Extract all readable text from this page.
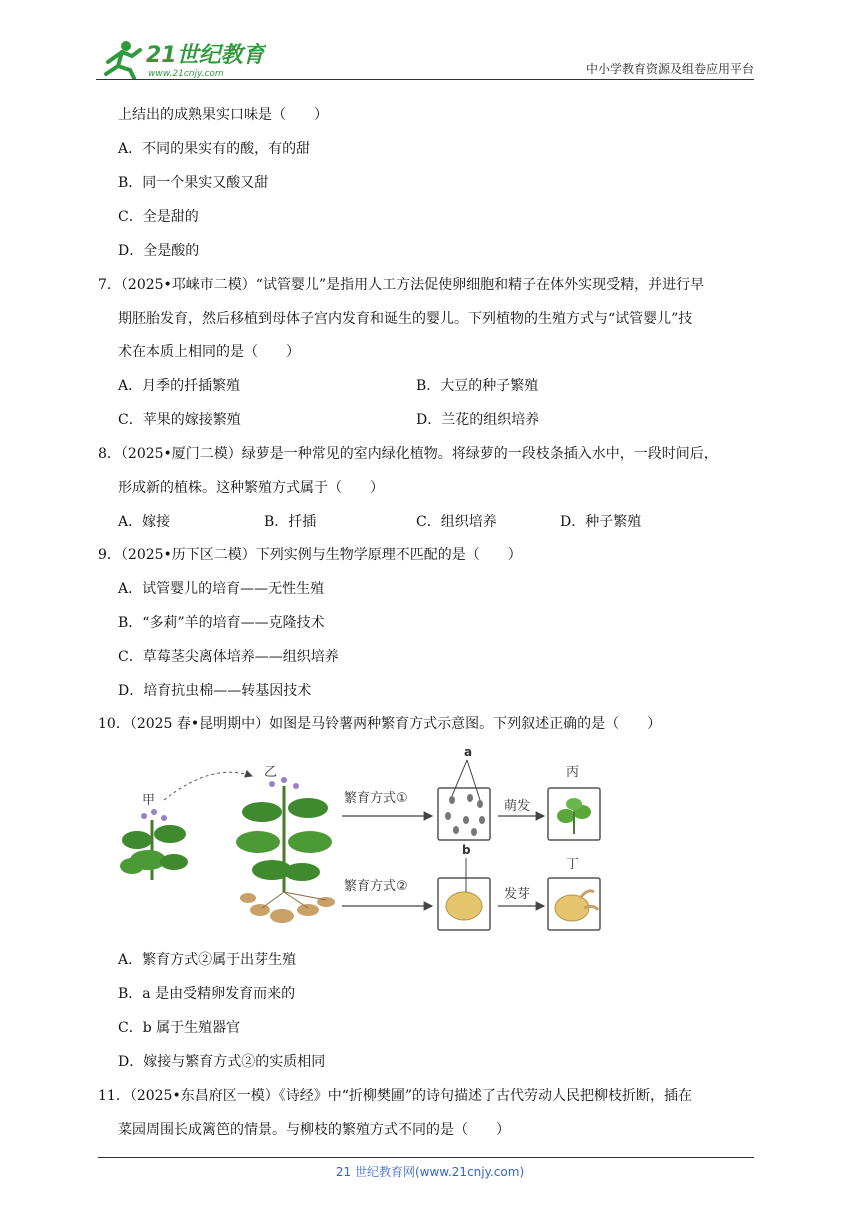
21世纪教育
www.21cnjy.com	中小学教育资源及组卷应用平台
上结出的成熟果实口味是（　　）
A．不同的果实有的酸，有的甜
B．同一个果实又酸又甜
C．全是甜的
D．全是酸的
7．（2025•邛崃市二模）“试管婴儿”是指用人工方法促使卵细胞和精子在体外实现受精，并进行早
期胚胎发育，然后移植到母体子宫内发育和诞生的婴儿。下列植物的生殖方式与“试管婴儿”技
术在本质上相同的是（　　）
A．月季的扦插繁殖	B．大豆的种子繁殖
C．苹果的嫁接繁殖	D．兰花的组织培养
8．（2025•厦门二模）绿萝是一种常见的室内绿化植物。将绿萝的一段枝条插入水中，一段时间后，
形成新的植株。这种繁殖方式属于（　　）
A．嫁接	B．扦插	C．组织培养	D．种子繁殖
9．（2025•历下区二模）下列实例与生物学原理不匹配的是（　　）
A．试管婴儿的培育——无性生殖
B．“多莉”羊的培育——克隆技术
C．草莓茎尖离体培养——组织培养
D．培育抗虫棉——转基因技术
10．（2025 春•昆明期中）如图是马铃薯两种繁育方式示意图。下列叙述正确的是（　　）
甲
乙
繁育方式①
a
萌发
丙
繁育方式②
b
发芽
丁
A．繁育方式②属于出芽生殖
B．a 是由受精卵发育而来的
C．b 属于生殖器官
D．嫁接与繁育方式②的实质相同
11．（2025•东昌府区一模）《诗经》中“折柳樊圃”的诗句描述了古代劳动人民把柳枝折断，插在
菜园周围长成篱笆的情景。与柳枝的繁殖方式不同的是（　　）
21 世纪教育网(www.21cnjy.com)
